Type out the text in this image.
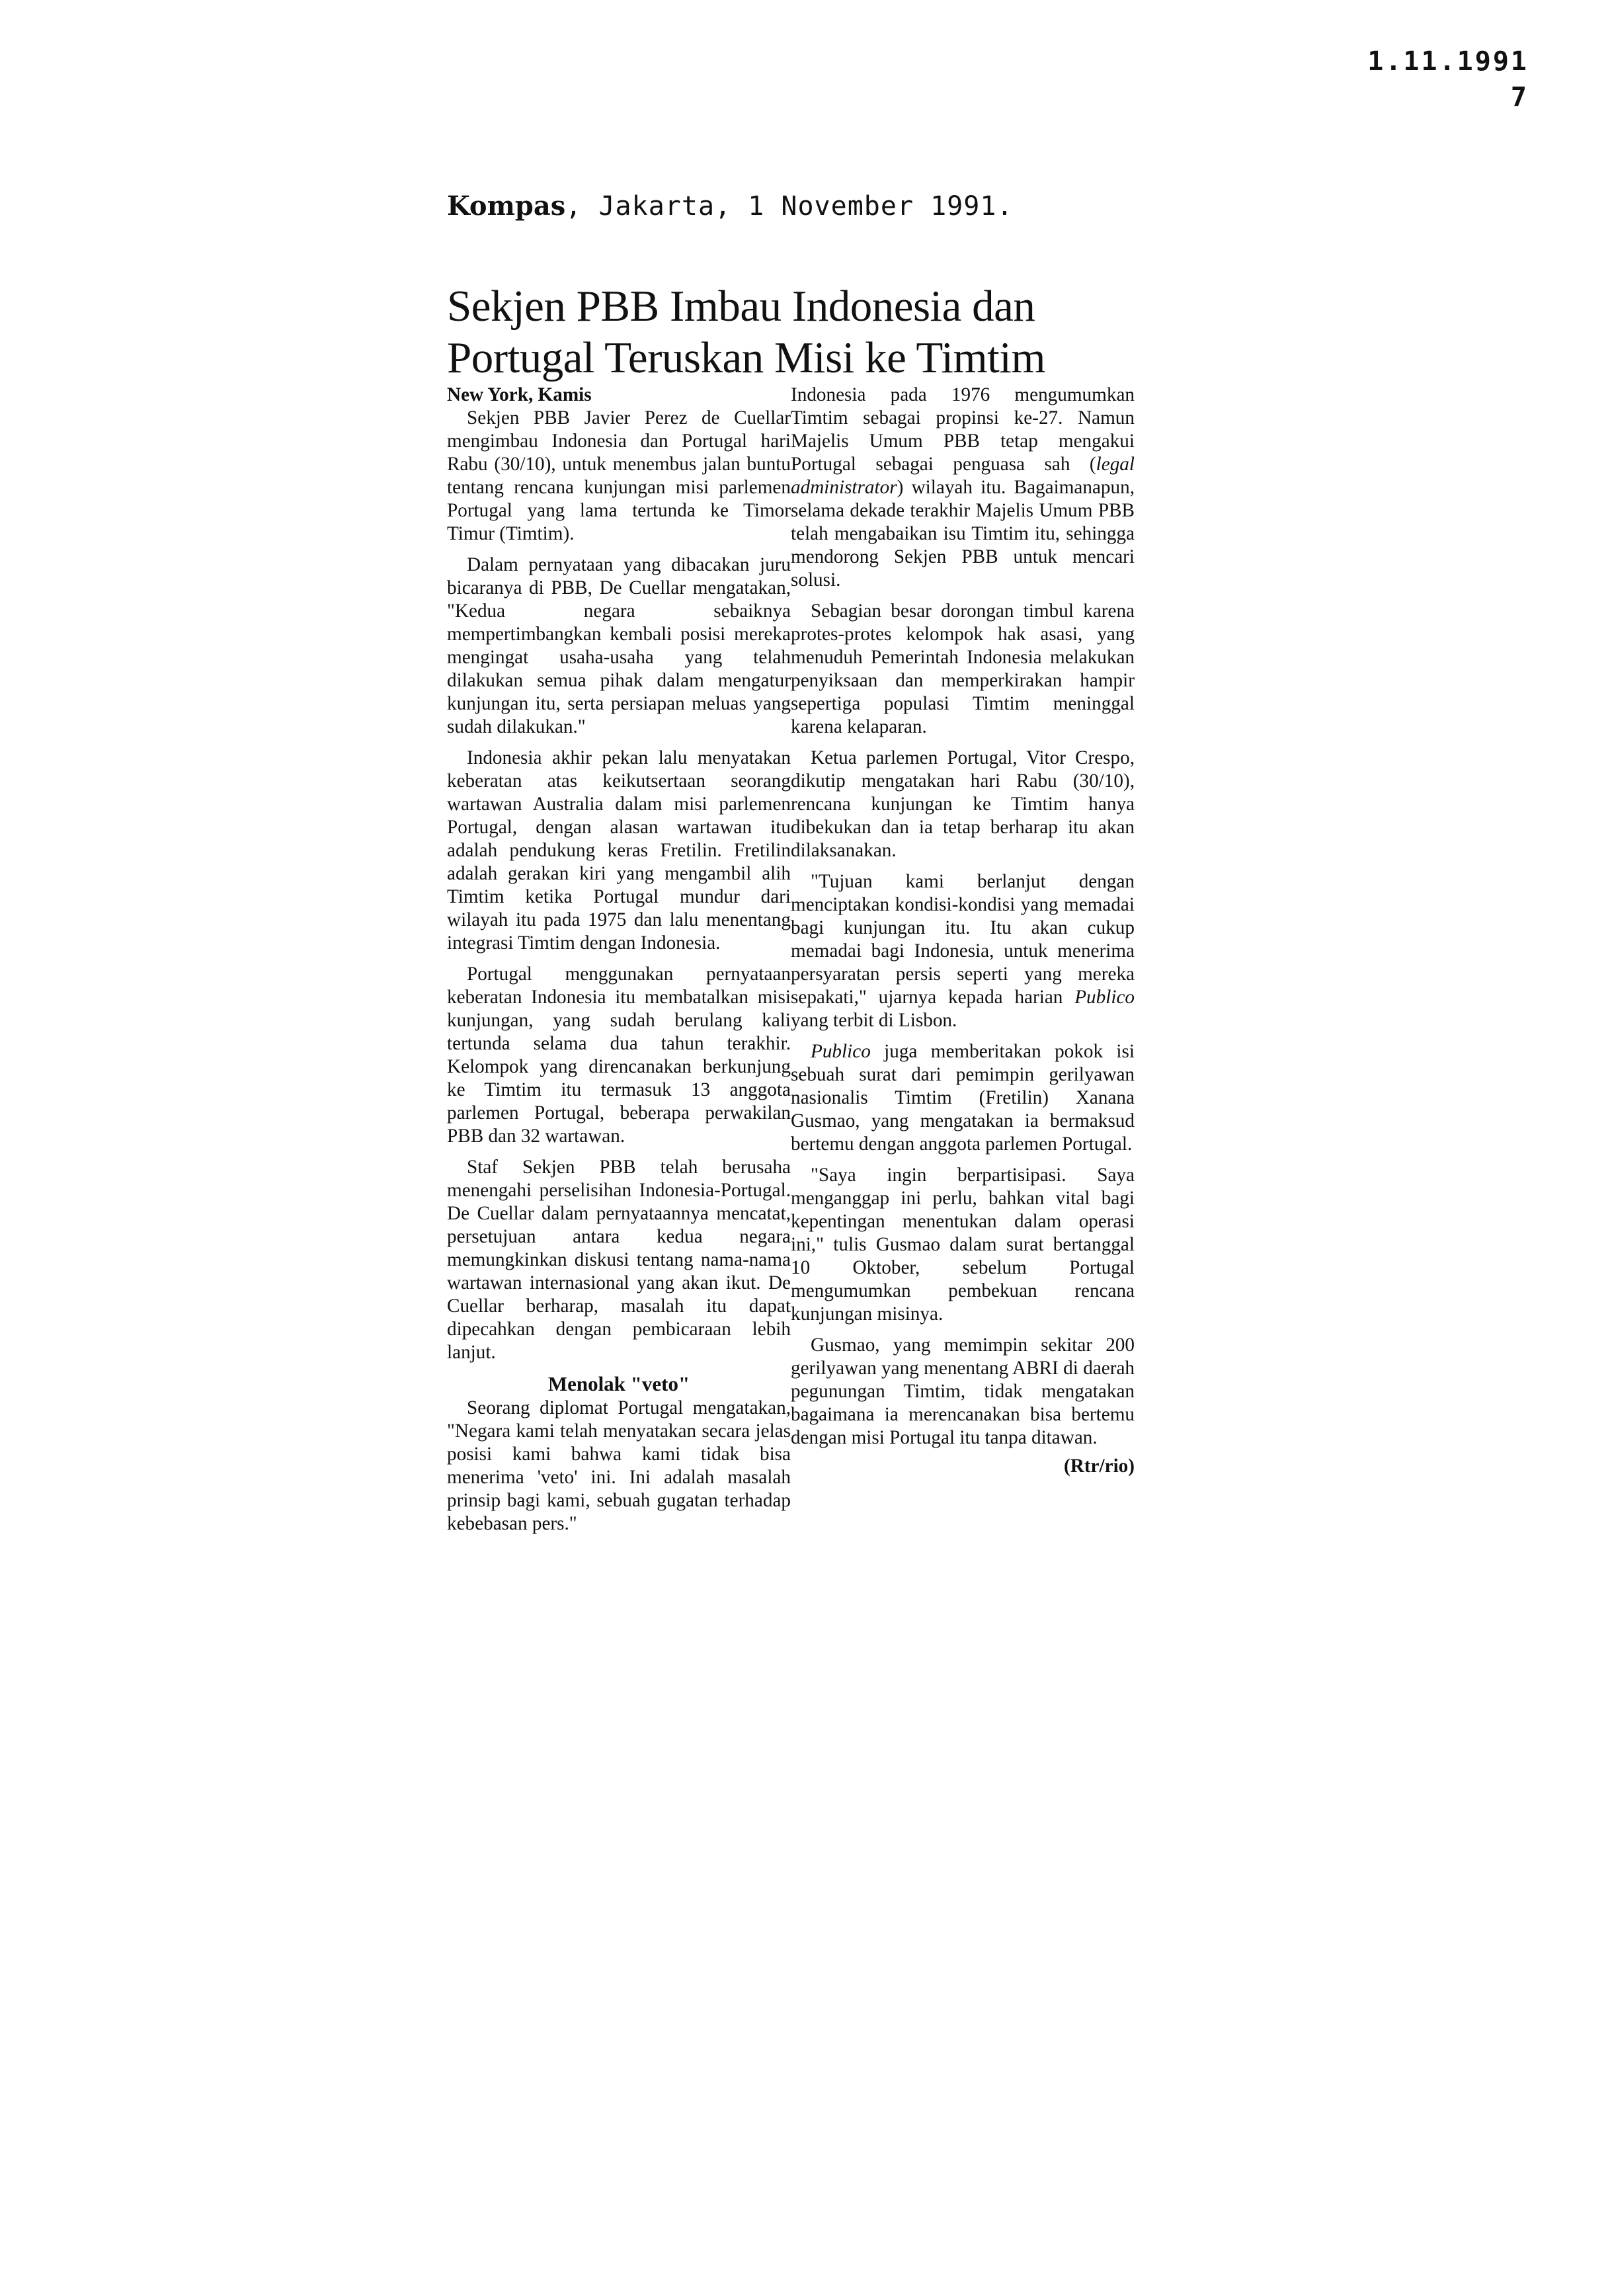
1.11.1991
7
Kompas, Jakarta, 1 November 1991.
Sekjen PBB Imbau Indonesia dan Portugal Teruskan Misi ke Timtim

New York, Kamis

Sekjen PBB Javier Perez de Cuellar mengimbau Indonesia dan Portugal hari Rabu (30/10), untuk menembus jalan buntu tentang rencana kunjungan misi parlemen Portugal yang lama tertunda ke Timor Timur (Timtim).

Dalam pernyataan yang dibacakan juru bicaranya di PBB, De Cuellar mengatakan, "Kedua negara sebaiknya mempertimbangkan kembali posisi mereka mengingat usaha-usaha yang telah dilakukan semua pihak dalam mengatur kunjungan itu, serta persiapan meluas yang sudah dilakukan."

Indonesia akhir pekan lalu menyatakan keberatan atas keikutsertaan seorang wartawan Australia dalam misi parlemen Portugal, dengan alasan wartawan itu adalah pendukung keras Fretilin. Fretilin adalah gerakan kiri yang mengambil alih Timtim ketika Portugal mundur dari wilayah itu pada 1975 dan lalu menentang integrasi Timtim dengan Indonesia.

Portugal menggunakan pernyataan keberatan Indonesia itu membatalkan misi kunjungan, yang sudah berulang kali tertunda selama dua tahun terakhir. Kelompok yang direncanakan berkunjung ke Timtim itu termasuk 13 anggota parlemen Portugal, beberapa perwakilan PBB dan 32 wartawan.

Staf Sekjen PBB telah berusaha menengahi perselisihan Indonesia-Portugal. De Cuellar dalam pernyataannya mencatat, persetujuan antara kedua negara memungkinkan diskusi tentang nama-nama wartawan internasional yang akan ikut. De Cuellar berharap, masalah itu dapat dipecahkan dengan pembicaraan lebih lanjut.

Menolak "veto"

Seorang diplomat Portugal mengatakan, "Negara kami telah menyatakan secara jelas posisi kami bahwa kami tidak bisa menerima 'veto' ini. Ini adalah masalah prinsip bagi kami, sebuah gugatan terhadap kebebasan pers."

Indonesia pada 1976 mengumumkan Timtim sebagai propinsi ke-27. Namun Majelis Umum PBB tetap mengakui Portugal sebagai penguasa sah (legal administrator) wilayah itu. Bagaimanapun, selama dekade terakhir Majelis Umum PBB telah mengabaikan isu Timtim itu, sehingga mendorong Sekjen PBB untuk mencari solusi.

Sebagian besar dorongan timbul karena protes-protes kelompok hak asasi, yang menuduh Pemerintah Indonesia melakukan penyiksaan dan memperkirakan hampir sepertiga populasi Timtim meninggal karena kelaparan.

Ketua parlemen Portugal, Vitor Crespo, dikutip mengatakan hari Rabu (30/10), rencana kunjungan ke Timtim hanya dibekukan dan ia tetap berharap itu akan dilaksanakan.

"Tujuan kami berlanjut dengan menciptakan kondisi-kondisi yang memadai bagi kunjungan itu. Itu akan cukup memadai bagi Indonesia, untuk menerima persyaratan persis seperti yang mereka sepakati," ujarnya kepada harian Publico yang terbit di Lisbon.

Publico juga memberitakan pokok isi sebuah surat dari pemimpin gerilyawan nasionalis Timtim (Fretilin) Xanana Gusmao, yang mengatakan ia bermaksud bertemu dengan anggota parlemen Portugal.

"Saya ingin berpartisipasi. Saya menganggap ini perlu, bahkan vital bagi kepentingan menentukan dalam operasi ini," tulis Gusmao dalam surat bertanggal 10 Oktober, sebelum Portugal mengumumkan pembekuan rencana kunjungan misinya.

Gusmao, yang memimpin sekitar 200 gerilyawan yang menentang ABRI di daerah pegunungan Timtim, tidak mengatakan bagaimana ia merencanakan bisa bertemu dengan misi Portugal itu tanpa ditawan.

(Rtr/rio)
